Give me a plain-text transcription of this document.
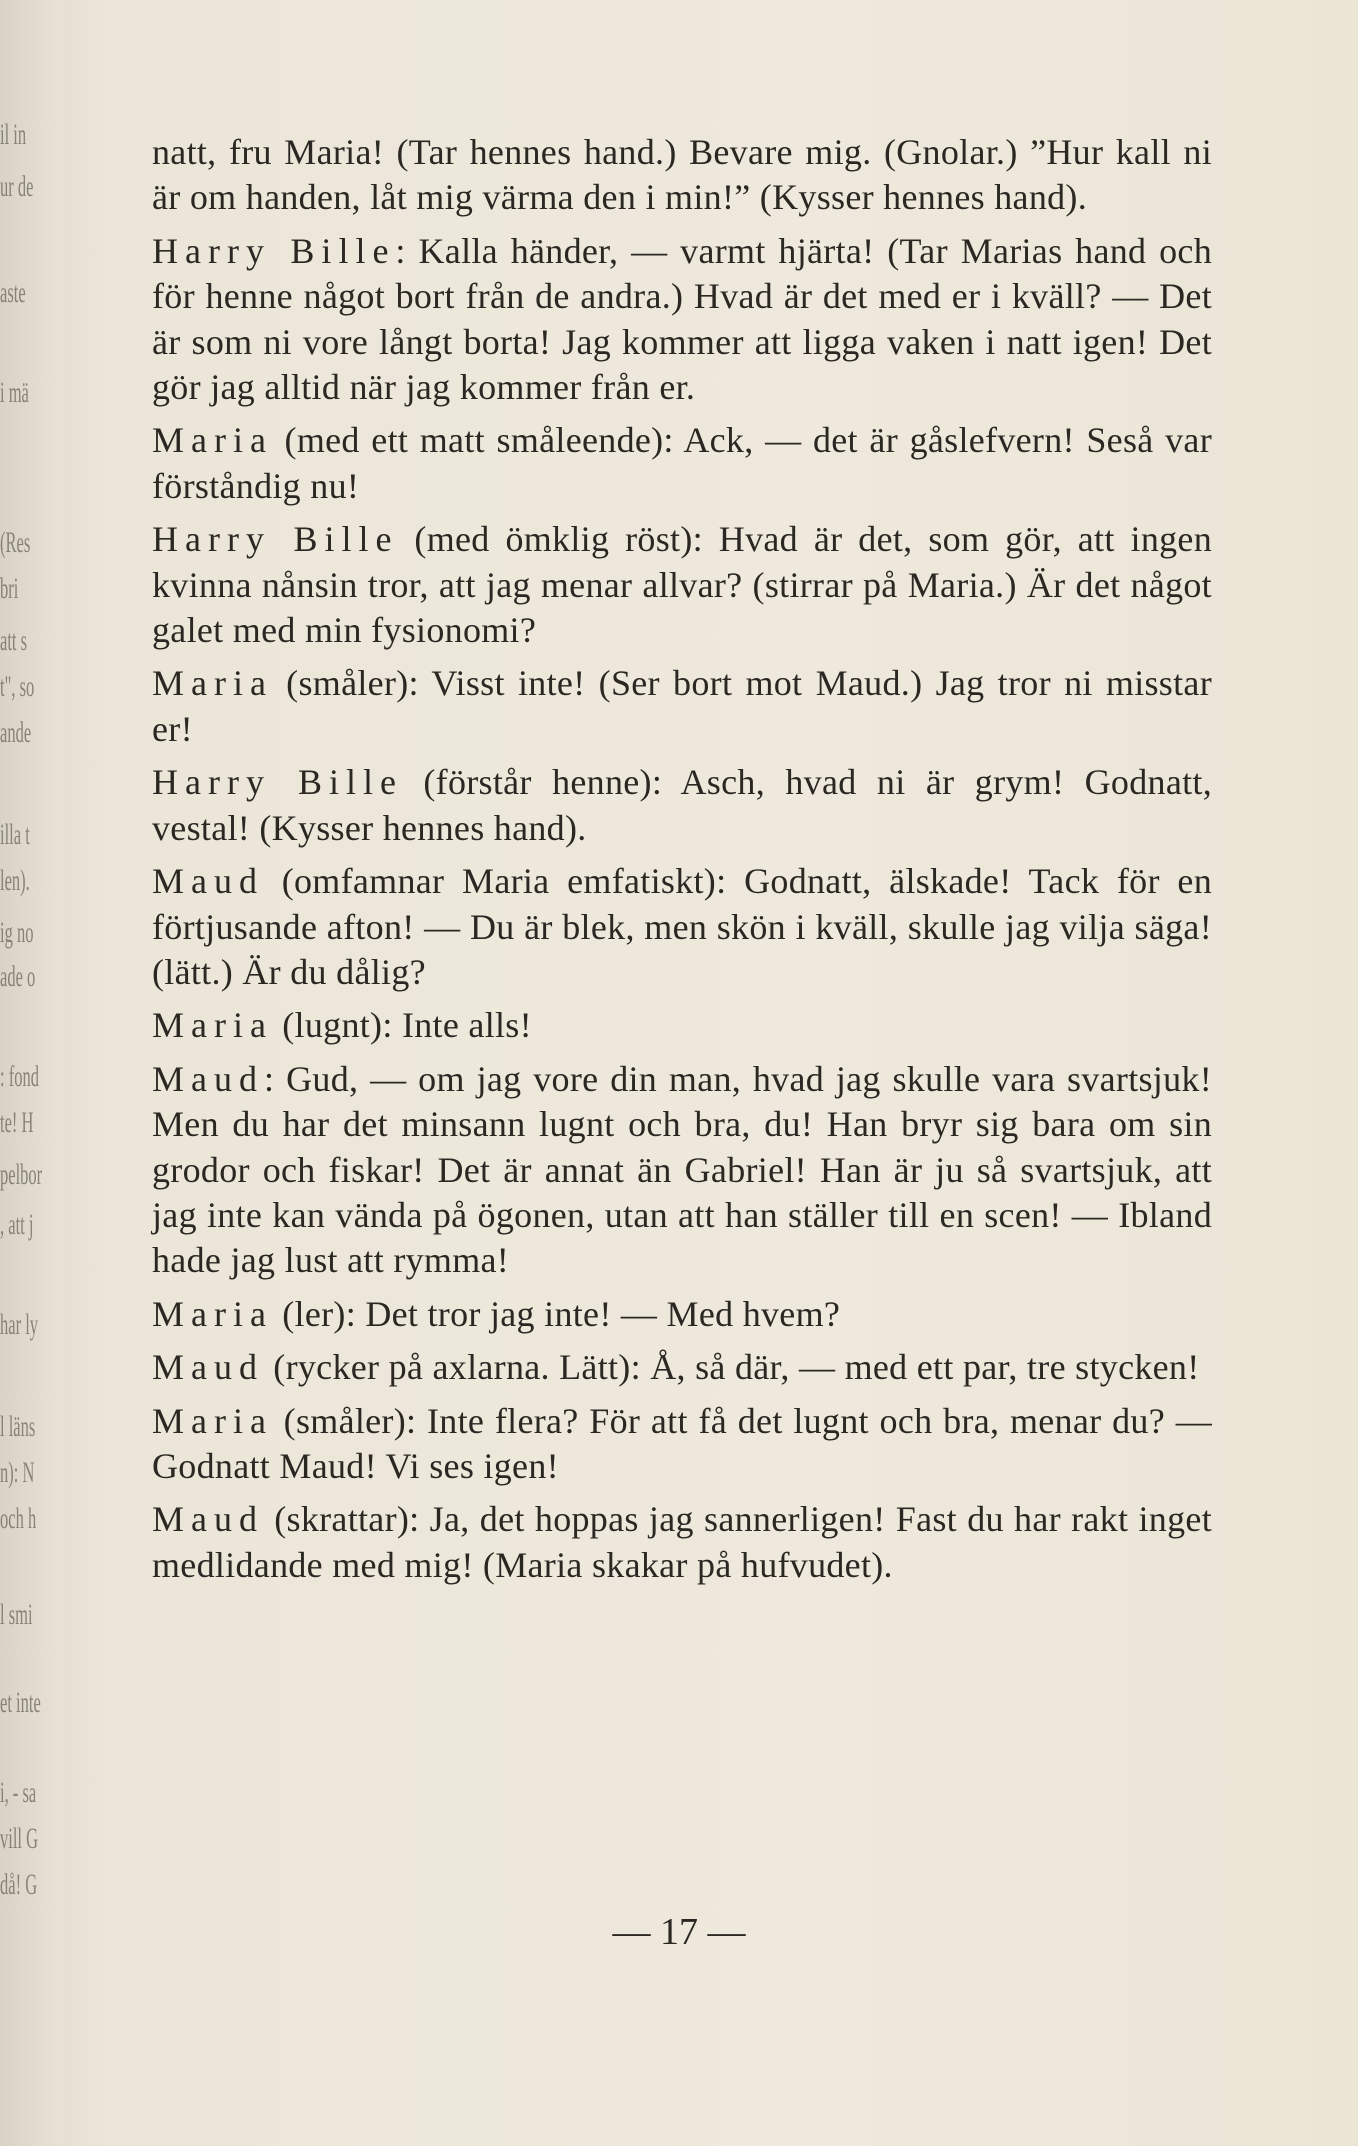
il in
ur de
aste
i mä
(Res
bri
att s
t", so
ande
illa t
len).
ig no
ade o
: fond
te! H
pelbor
, att j
har ly
l läns
n): N
och h
l smi
et inte
i, - sa
vill G
då! G

natt, fru Maria! (Tar hennes hand.) Bevare mig. (Gnolar.) ”Hur kall ni är om handen, låt mig värma den i min!” (Kysser hennes hand).

Harry Bille: Kalla händer, — varmt hjärta! (Tar Marias hand och för henne något bort från de andra.) Hvad är det med er i kväll? — Det är som ni vore långt borta! Jag kommer att ligga vaken i natt igen! Det gör jag alltid när jag kommer från er.

Maria (med ett matt småleende): Ack, — det är gåslefvern! Seså var förståndig nu!

Harry Bille (med ömklig röst): Hvad är det, som gör, att ingen kvinna nånsin tror, att jag menar allvar? (stirrar på Maria.) Är det något galet med min fysionomi?

Maria (småler): Visst inte! (Ser bort mot Maud.) Jag tror ni misstar er!

Harry Bille (förstår henne): Asch, hvad ni är grym! Godnatt, vestal! (Kysser hennes hand).

Maud (omfamnar Maria emfatiskt): Godnatt, älskade! Tack för en förtjusande afton! — Du är blek, men skön i kväll, skulle jag vilja säga! (lätt.) Är du dålig?

Maria (lugnt): Inte alls!

Maud: Gud, — om jag vore din man, hvad jag skulle vara svartsjuk! Men du har det minsann lugnt och bra, du! Han bryr sig bara om sin grodor och fiskar! Det är annat än Gabriel! Han är ju så svartsjuk, att jag inte kan vända på ögonen, utan att han ställer till en scen! — Ibland hade jag lust att rymma!

Maria (ler): Det tror jag inte! — Med hvem?

Maud (rycker på axlarna. Lätt): Å, så där, — med ett par, tre stycken!

Maria (småler): Inte flera? För att få det lugnt och bra, menar du? — Godnatt Maud! Vi ses igen!

Maud (skrattar): Ja, det hoppas jag sannerligen! Fast du har rakt inget medlidande med mig! (Maria skakar på hufvudet).

— 17 —
